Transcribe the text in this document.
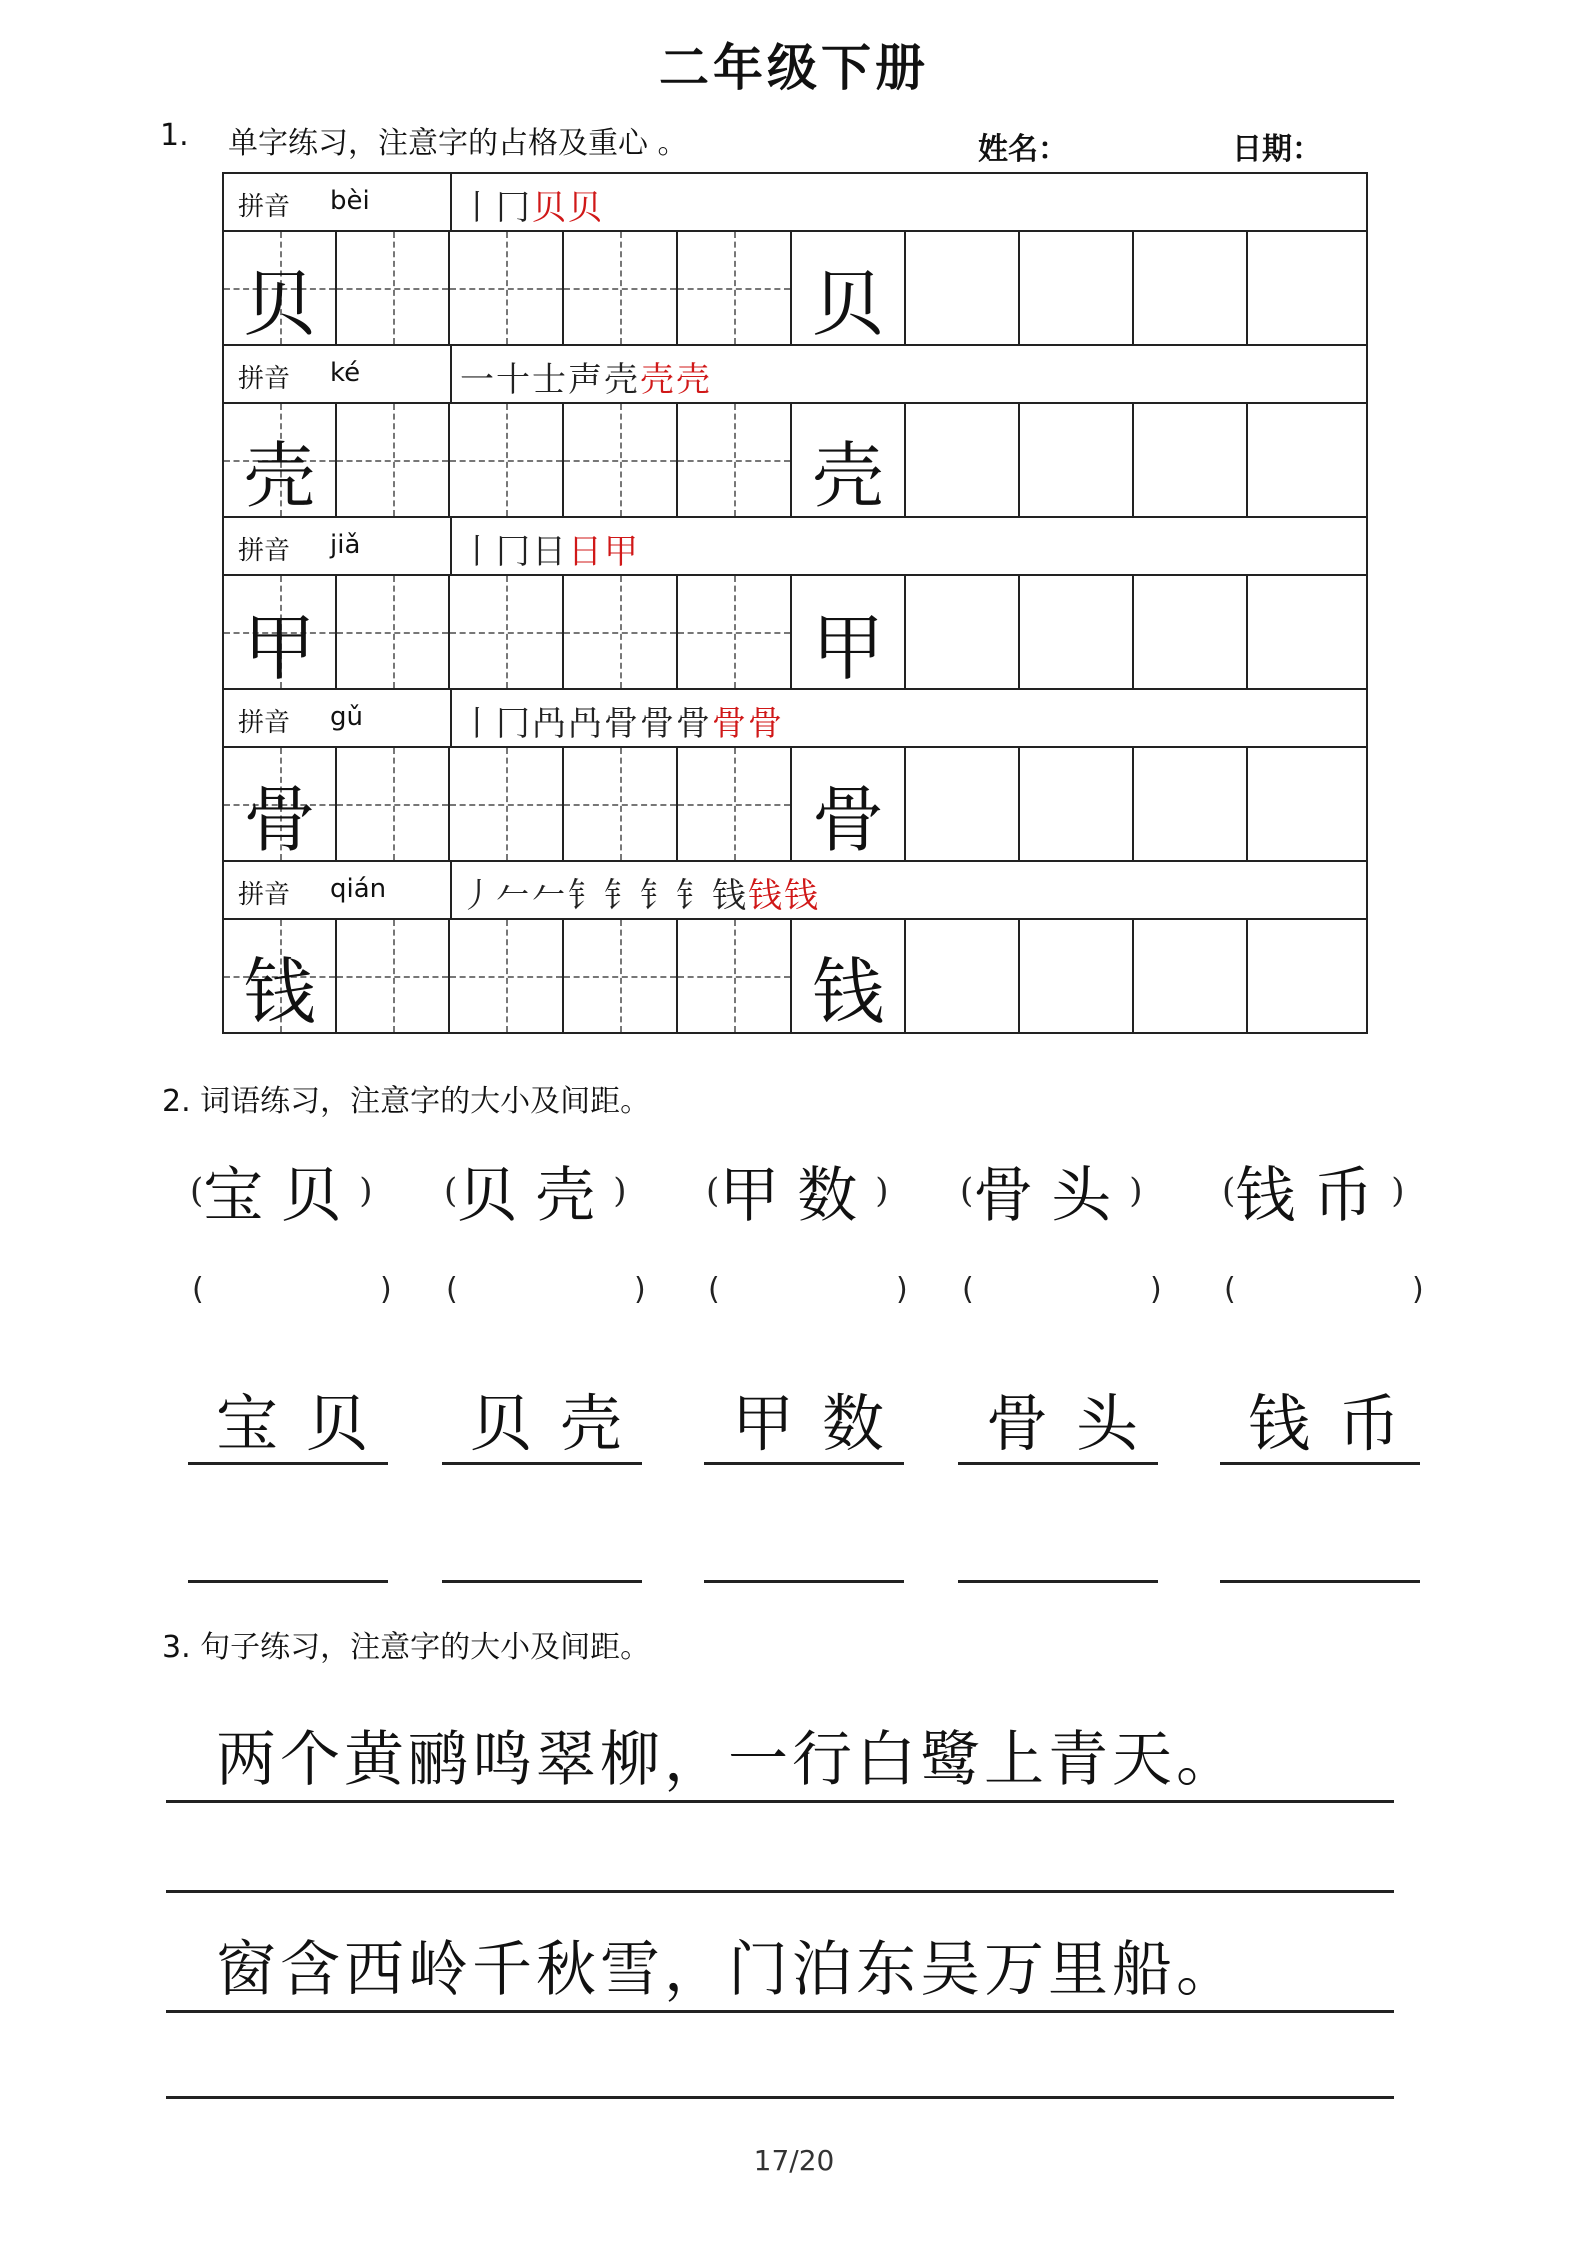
二年级下册
1. 单字练习，注意字的占格及重心 。	姓名：	日期：
拼音 bèi	丨冂贝贝
贝	贝
拼音 ké	一十士声壳壳壳
壳	壳
拼音 jiǎ	丨冂日日甲
甲	甲
拼音 gǔ	丨冂冎冎骨骨骨骨骨
骨	骨
拼音 qián 丿𠂉𠂉钅钅钅钅钱钱钱
钱	钱
2. 词语练习，注意字的大小及间距。
(宝贝) (贝壳) (甲数) (骨头) (钱币)
(	) (	) (	) (	) (	)
宝贝 贝壳 甲数 骨头 钱币
3. 句子练习，注意字的大小及间距。
两个黄鹂鸣翠柳，一行白鹭上青天。
窗含西岭千秋雪，门泊东吴万里船。
17/20
